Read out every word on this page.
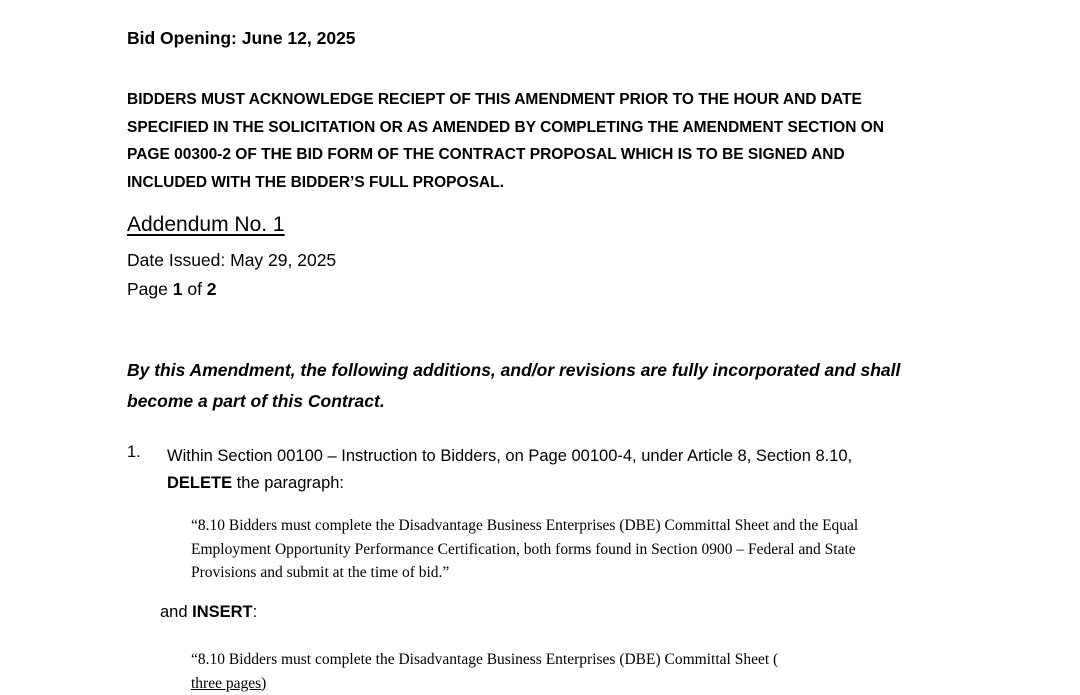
Bid Opening: June 12, 2025
BIDDERS MUST ACKNOWLEDGE RECIEPT OF THIS AMENDMENT PRIOR TO THE HOUR AND DATE
SPECIFIED IN THE SOLICITATION OR AS AMENDED BY COMPLETING THE AMENDMENT SECTION ON
PAGE 00300-2 OF THE BID FORM OF THE CONTRACT PROPOSAL WHICH IS TO BE SIGNED AND
INCLUDED WITH THE BIDDER’S FULL PROPOSAL.
Addendum No. 1
Date Issued: May 29, 2025
Page 1 of 2
By this Amendment, the following additions, and/or revisions are fully incorporated and shall
become a part of this Contract.
1. Within Section 00100 – Instruction to Bidders, on Page 00100-4, under Article 8, Section 8.10,
DELETE the paragraph:
“8.10 Bidders must complete the Disadvantage Business Enterprises (DBE) Committal Sheet and the Equal
Employment Opportunity Performance Certification, both forms found in Section 0900 – Federal and State
Provisions and submit at the time of bid.”
and INSERT:
“8.10 Bidders must complete the Disadvantage Business Enterprises (DBE) Committal Sheet (
three pages)
